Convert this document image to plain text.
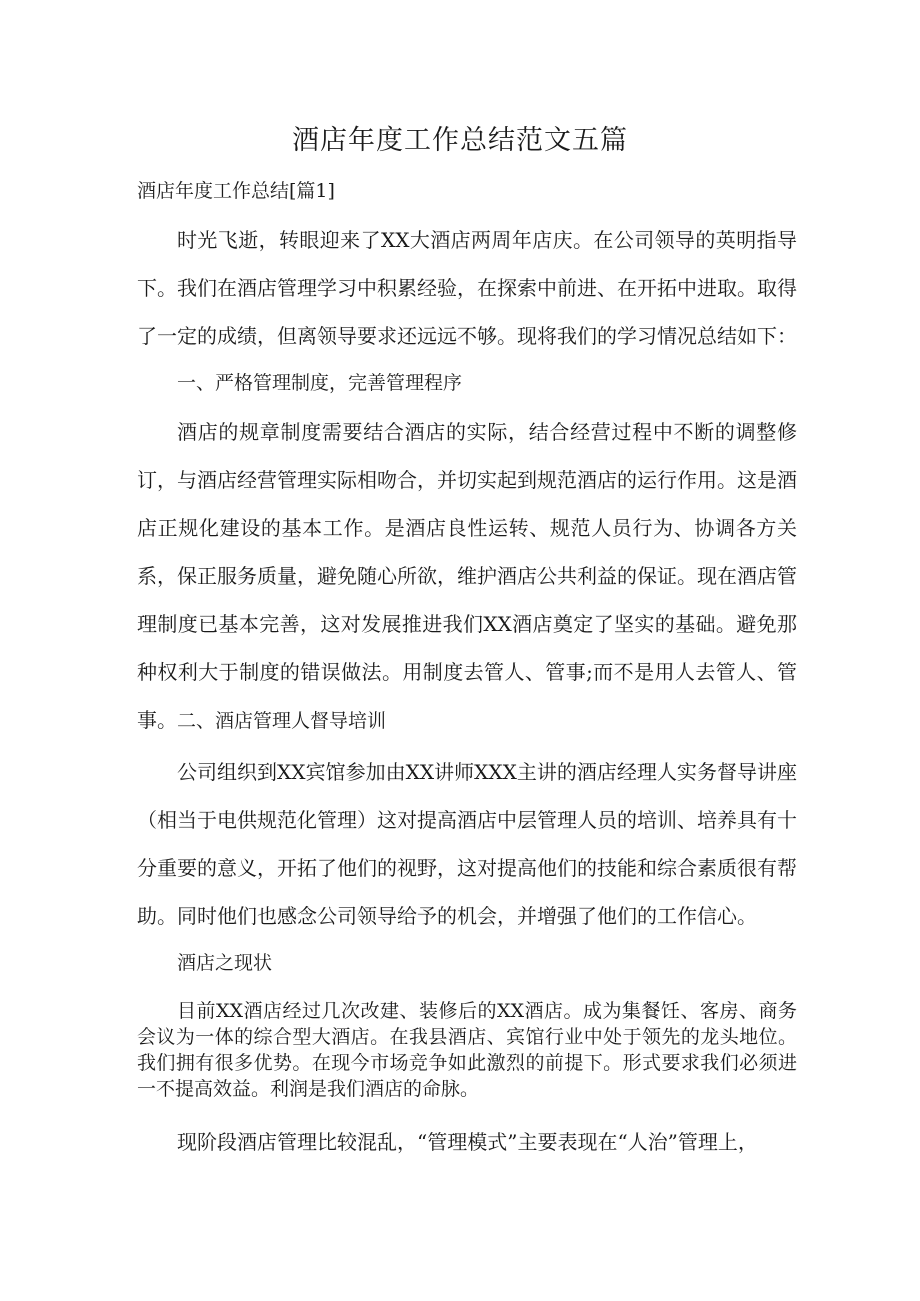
酒店年度工作总结范文五篇
酒店年度工作总结[篇1]

时光飞逝，转眼迎来了XX大酒店两周年店庆。在公司领导的英明指导下。我们在酒店管理学习中积累经验，在探索中前进、在开拓中进取。取得了一定的成绩，但离领导要求还远远不够。现将我们的学习情况总结如下：

一、严格管理制度，完善管理程序

酒店的规章制度需要结合酒店的实际，结合经营过程中不断的调整修订，与酒店经营管理实际相吻合，并切实起到规范酒店的运行作用。这是酒店正规化建设的基本工作。是酒店良性运转、规范人员行为、协调各方关系，保正服务质量，避免随心所欲，维护酒店公共利益的保证。现在酒店管理制度已基本完善，这对发展推进我们XX酒店奠定了坚实的基础。避免那种权利大于制度的错误做法。用制度去管人、管事;而不是用人去管人、管事。 二、酒店管理人督导培训

公司组织到XX宾馆参加由XX讲师XXX主讲的酒店经理人实务督导讲座（相当于电供规范化管理）这对提高酒店中层管理人员的培训、培养具有十分重要的意义，开拓了他们的视野，这对提高他们的技能和综合素质很有帮助。同时他们也感念公司领导给予的机会，并增强了他们的工作信心。

酒店之现状

目前XX酒店经过几次改建、装修后的XX酒店。成为集餐饪、客房、商务会议为一体的综合型大酒店。在我县酒店、宾馆行业中处于领先的龙头地位。我们拥有很多优势。在现今市场竞争如此激烈的前提下。形式要求我们必须进一不提高效益。利润是我们酒店的命脉。

现阶段酒店管理比较混乱，“管理模式”主要表现在“人治”管理上，
